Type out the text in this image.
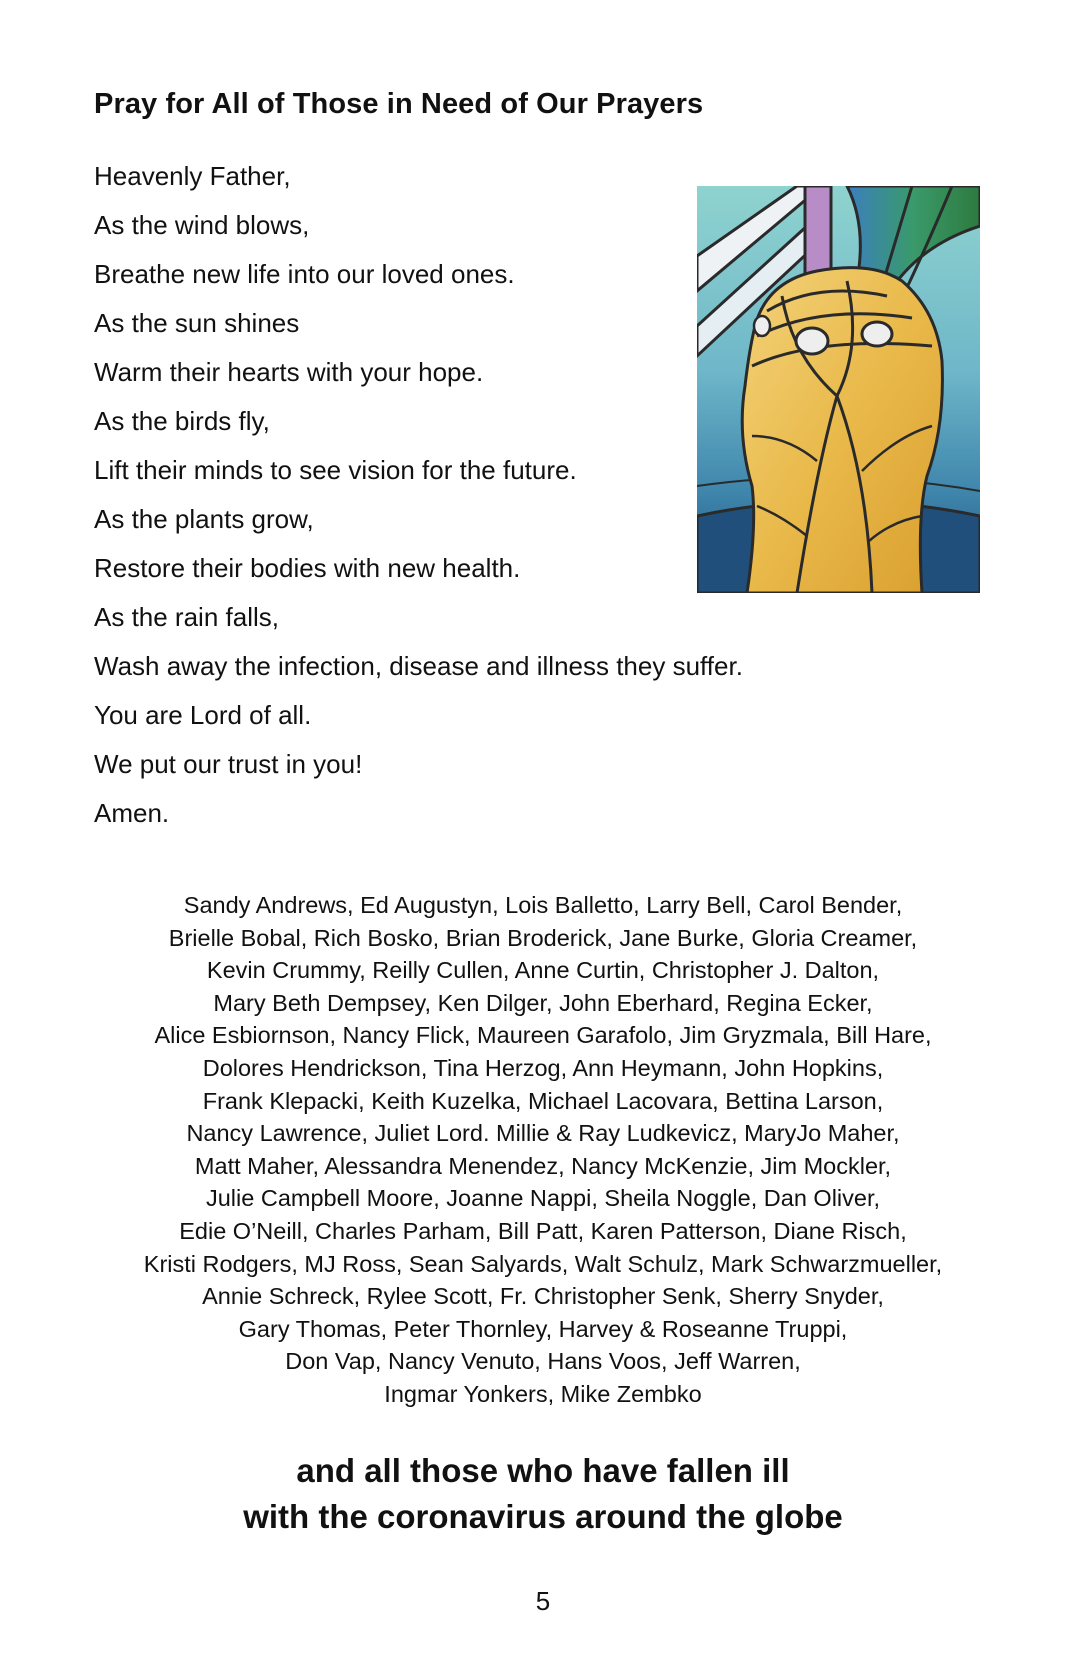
Pray for All of Those in Need of Our Prayers
Heavenly Father,
As the wind blows,
Breathe new life into our loved ones.
As the sun shines
Warm their hearts with your hope.
As the birds fly,
Lift their minds to see vision for the future.
As the plants grow,
Restore their bodies with new health.
As the rain falls,
Wash away the infection, disease and illness they suffer.
You are Lord of all.
We put our trust in you!
Amen.
Sandy Andrews, Ed Augustyn, Lois Balletto, Larry Bell, Carol Bender,
Brielle Bobal, Rich Bosko, Brian Broderick, Jane Burke, Gloria Creamer,
Kevin Crummy, Reilly Cullen, Anne Curtin, Christopher J. Dalton,
Mary Beth Dempsey, Ken Dilger, John Eberhard, Regina Ecker,
Alice Esbiornson, Nancy Flick, Maureen Garafolo, Jim Gryzmala, Bill Hare,
Dolores Hendrickson, Tina Herzog, Ann Heymann, John Hopkins,
Frank Klepacki, Keith Kuzelka, Michael Lacovara, Bettina Larson,
Nancy Lawrence, Juliet Lord. Millie & Ray Ludkevicz, MaryJo Maher,
Matt Maher, Alessandra Menendez, Nancy McKenzie, Jim Mockler,
Julie Campbell Moore, Joanne Nappi, Sheila Noggle, Dan Oliver,
Edie O’Neill, Charles Parham, Bill Patt, Karen Patterson, Diane Risch,
Kristi Rodgers, MJ Ross, Sean Salyards, Walt Schulz, Mark Schwarzmueller,
Annie Schreck, Rylee Scott, Fr. Christopher Senk, Sherry Snyder,
Gary Thomas, Peter Thornley, Harvey & Roseanne Truppi,
Don Vap, Nancy Venuto, Hans Voos, Jeff Warren,
Ingmar Yonkers, Mike Zembko
and all those who have fallen ill
with the coronavirus around the globe
5
